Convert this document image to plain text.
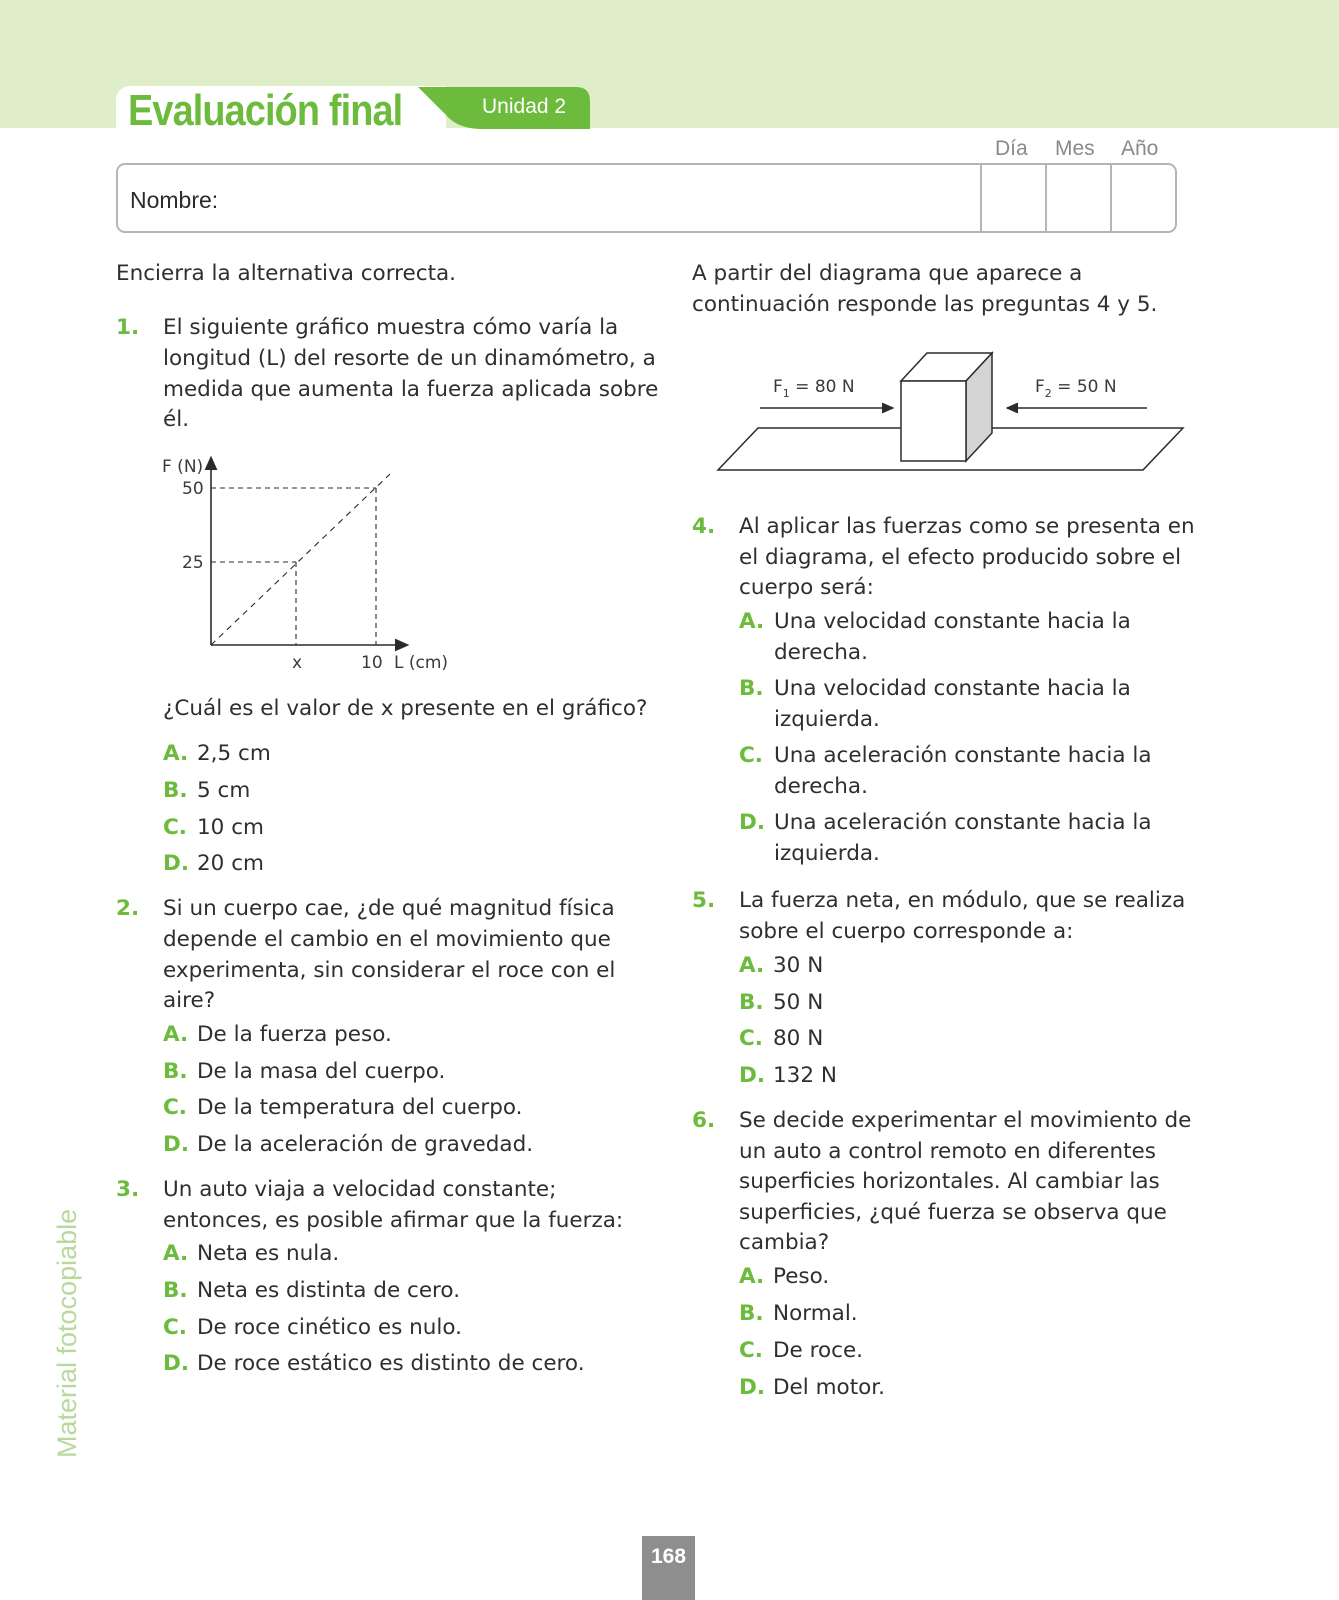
Evaluación final	Unidad 2
Día Mes Año
Nombre:
Encierra la alternativa correcta.
1. El siguiente gráfico muestra cómo varía la
longitud (L) del resorte de un dinamómetro, a
medida que aumenta la fuerza aplicada sobre
él.
F (N)
50
25
x	10 L (cm)
¿Cuál es el valor de x presente en el gráfico?
A. 2,5 cm
B. 5 cm
C. 10 cm
D. 20 cm
2. Si un cuerpo cae, ¿de qué magnitud física
depende el cambio en el movimiento que
experimenta, sin considerar el roce con el
aire?
A. De la fuerza peso.
B. De la masa del cuerpo.
C. De la temperatura del cuerpo.
D. De la aceleración de gravedad.
3. Un auto viaja a velocidad constante;
entonces, es posible afirmar que la fuerza:
A. Neta es nula.
B. Neta es distinta de cero.
C. De roce cinético es nulo.
D. De roce estático es distinto de cero.
A partir del diagrama que aparece a
continuación responde las preguntas 4 y 5.
$F_1 = 80$ N	$F_2 = 50$ N
4. Al aplicar las fuerzas como se presenta en
el diagrama, el efecto producido sobre el
cuerpo será:
A. Una velocidad constante hacia la
derecha.
B. Una velocidad constante hacia la
izquierda.
C. Una aceleración constante hacia la
derecha.
D. Una aceleración constante hacia la
izquierda.
5. La fuerza neta, en módulo, que se realiza
sobre el cuerpo corresponde a:
A. 30 N
B. 50 N
C. 80 N
D. 132 N
6. Se decide experimentar el movimiento de
un auto a control remoto en diferentes
superficies horizontales. Al cambiar las
superficies, ¿qué fuerza se observa que
cambia?
A. Peso.
B. Normal.
C. De roce.
D. Del motor.
Material fotocopiable
168
